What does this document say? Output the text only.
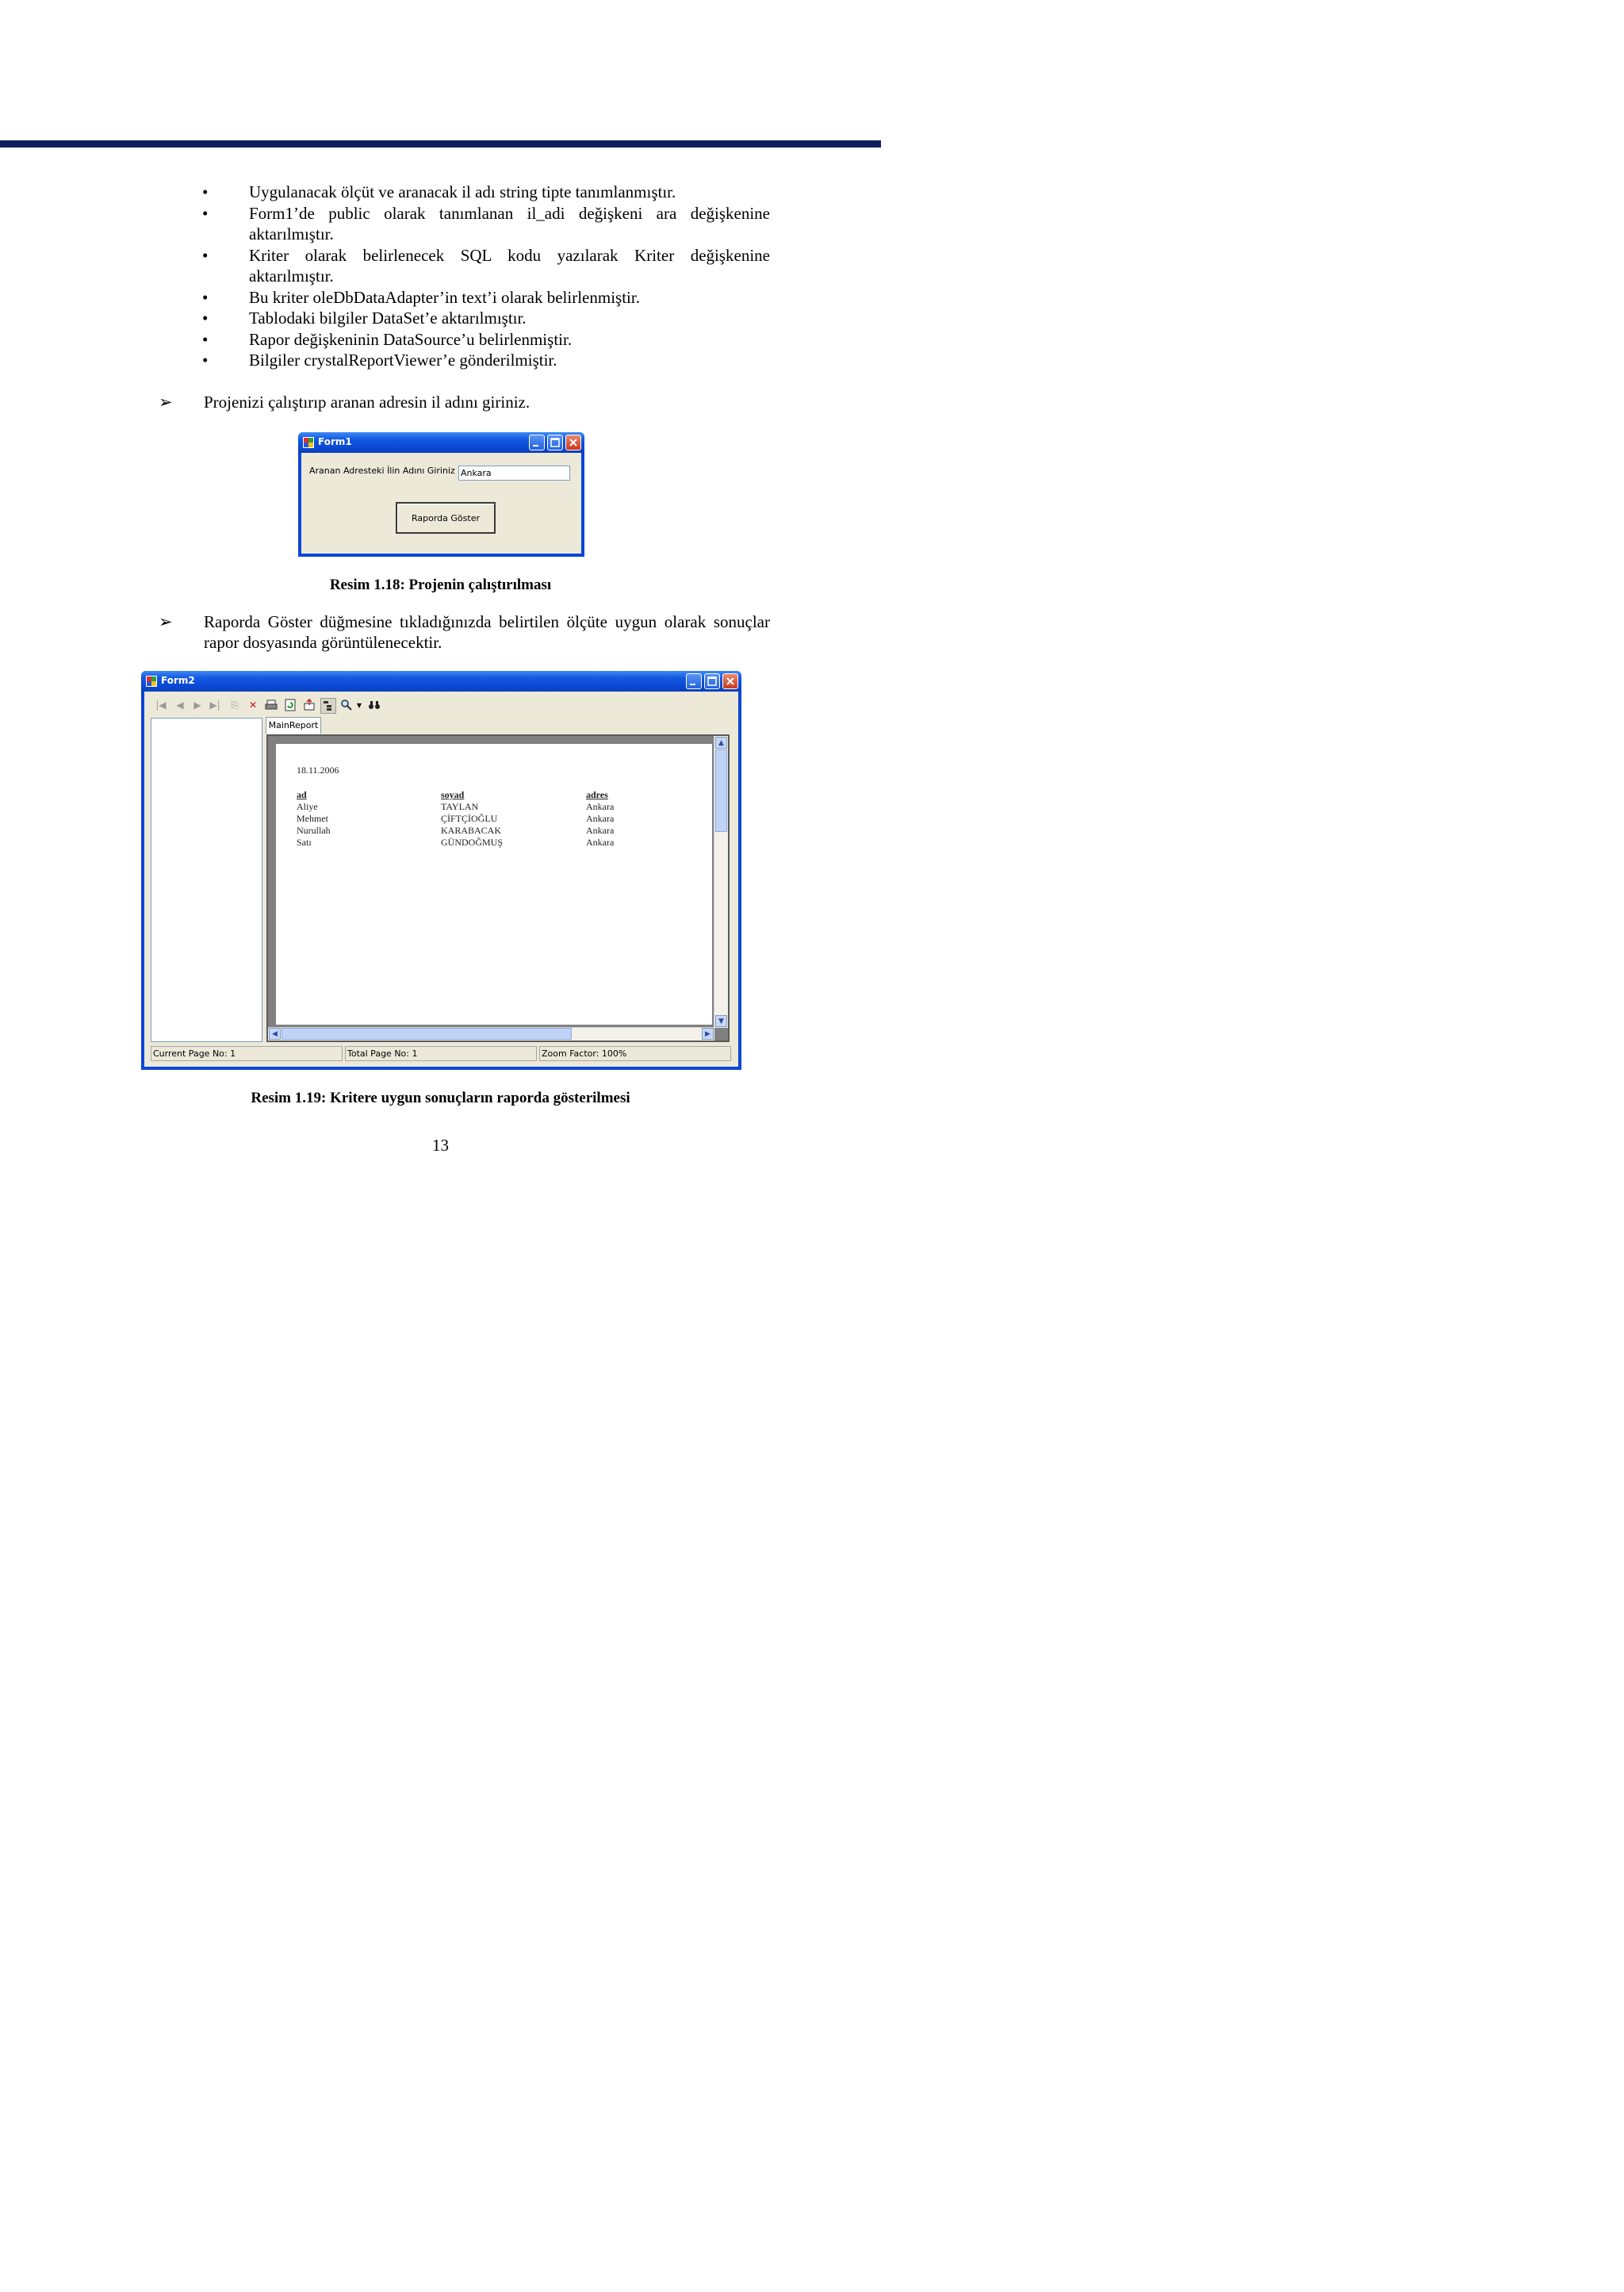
• Uygulanacak ölçüt ve aranacak il adı string tipte tanımlanmıştır.
• Form1’de public olarak tanımlanan il_adi değişkeni ara değişkenine aktarılmıştır.
• Kriter olarak belirlenecek SQL kodu yazılarak Kriter değişkenine aktarılmıştır.
• Bu kriter oleDbDataAdapter’in text’i olarak belirlenmiştir.
• Tablodaki bilgiler DataSet’e aktarılmıştır.
• Rapor değişkeninin DataSource’u belirlenmiştir.
• Bilgiler crystalReportViewer’e gönderilmiştir.
➢	Projenizi çalıştırıp aranan adresin il adını giriniz.
Form1
Aranan Adresteki İlin Adını Giriniz
Ankara
Raporda Göster
Resim 1.18: Projenin çalıştırılması
➢	Raporda Göster düğmesine tıkladığınızda belirtilen ölçüte uygun olarak sonuçlar rapor dosyasında görüntülenecektir.
Form2
|◀	◀	▶ ▶|	⎘	✕	▼
MainReport
18.11.2006
ad	soyad	adres
Aliye	TAYLAN	Ankara
Mehmet	ÇİFTÇİOĞLU	Ankara
Nurullah	KARABACAK	Ankara
Satı	GÜNDOĞMUŞ	Ankara
▲
▼
◀	▶
Current Page No: 1	Total Page No: 1	Zoom Factor: 100%
Resim 1.19: Kritere uygun sonuçların raporda gösterilmesi
13
